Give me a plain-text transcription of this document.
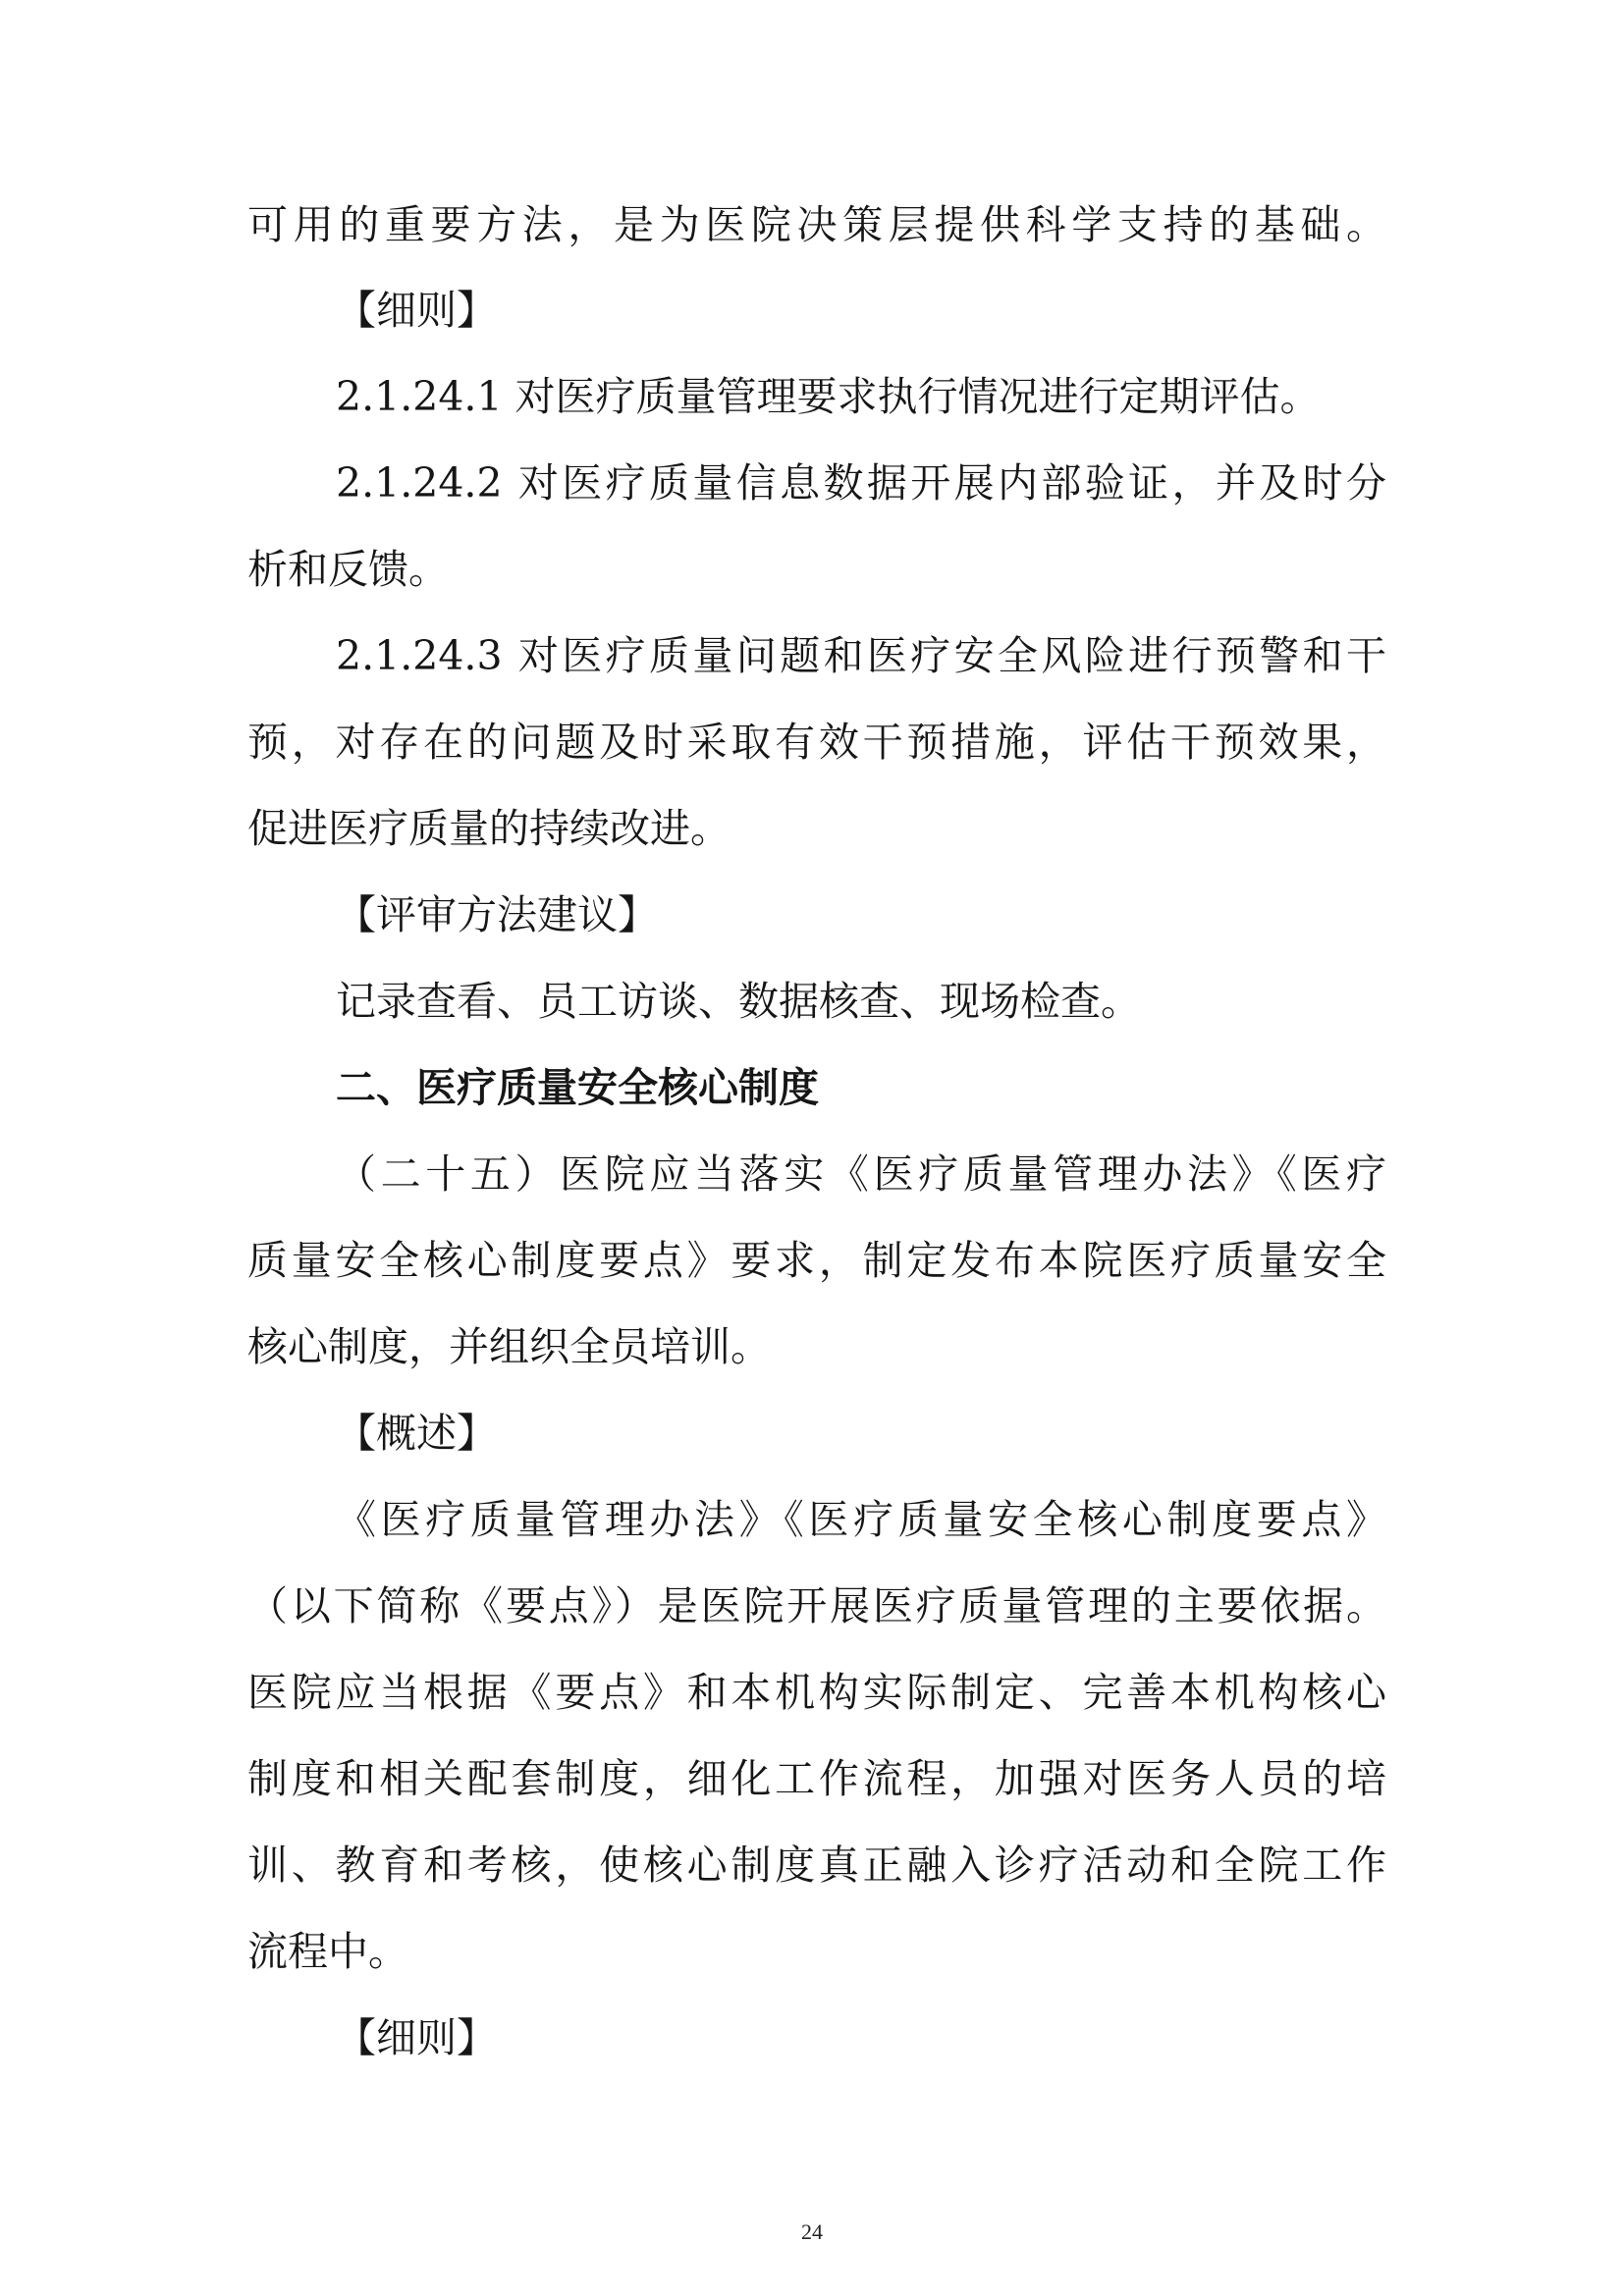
可用的重要方法，是为医院决策层提供科学支持的基础。
【细则】
2.1.24.1 对医疗质量管理要求执行情况进行定期评估。
2.1.24.2 对医疗质量信息数据开展内部验证，并及时分
析和反馈。
2.1.24.3 对医疗质量问题和医疗安全风险进行预警和干
预，对存在的问题及时采取有效干预措施，评估干预效果，
促进医疗质量的持续改进。
【评审方法建议】
记录查看、员工访谈、数据核查、现场检查。
二、医疗质量安全核心制度
（二十五）医院应当落实《医疗质量管理办法》《医疗
质量安全核心制度要点》要求，制定发布本院医疗质量安全
核心制度，并组织全员培训。
【概述】
《医疗质量管理办法》《医疗质量安全核心制度要点》
（以下简称《要点》）是医院开展医疗质量管理的主要依据。
医院应当根据《要点》和本机构实际制定、完善本机构核心
制度和相关配套制度，细化工作流程，加强对医务人员的培
训、教育和考核，使核心制度真正融入诊疗活动和全院工作
流程中。
【细则】
24
